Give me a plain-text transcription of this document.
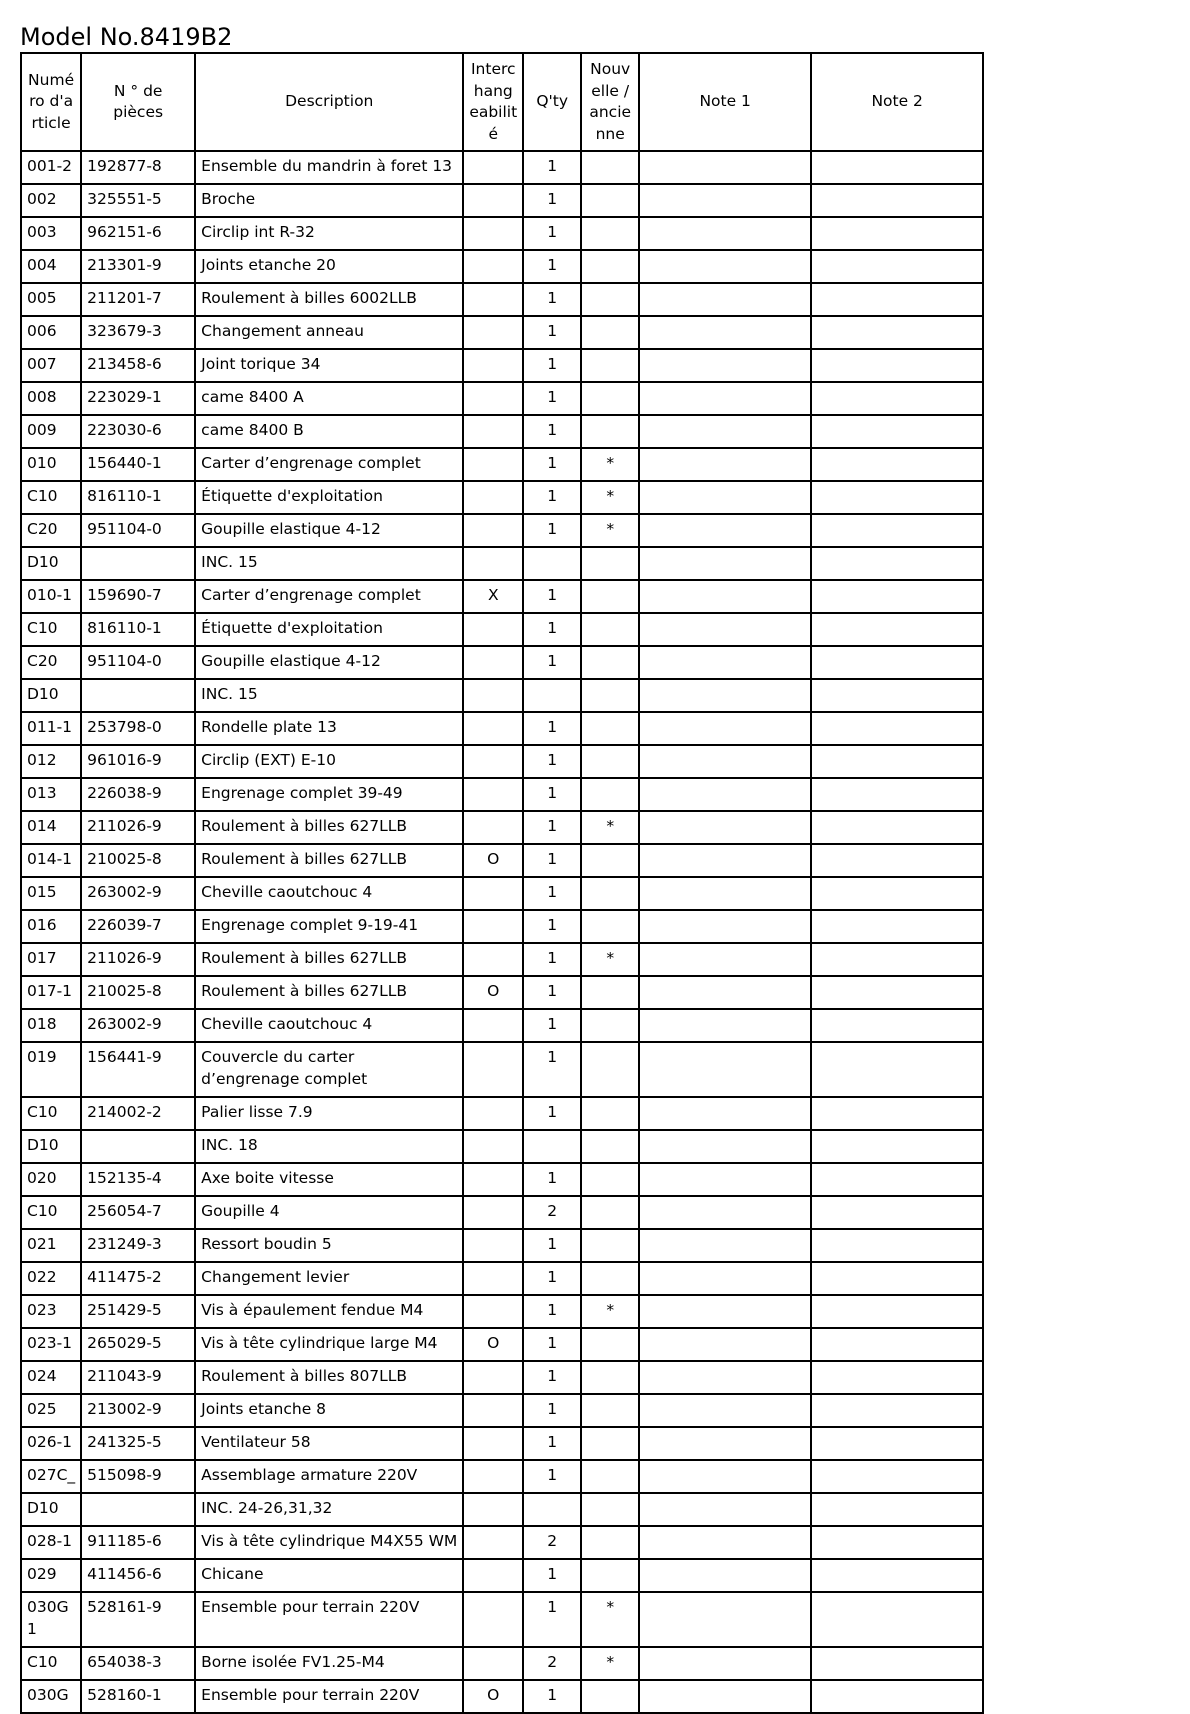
Model No.8419B2
Numé ro d'a rticle	N ° de pièces	Description	Interc hang eabilit é	Q'ty	Nouv elle / ancie nne	Note 1	Note 2
001-2	192877-8	Ensemble du mandrin à foret 13		1			
002	325551-5	Broche		1			
003	962151-6	Circlip int R-32		1			
004	213301-9	Joints etanche 20		1			
005	211201-7	Roulement à billes 6002LLB		1			
006	323679-3	Changement anneau		1			
007	213458-6	Joint torique 34		1			
008	223029-1	came 8400 A		1			
009	223030-6	came 8400 B		1			
010	156440-1	Carter d’engrenage complet		1	*		
C10	816110-1	Étiquette d'exploitation		1	*		
C20	951104-0	Goupille elastique 4-12		1	*		
D10		INC. 15					
010-1	159690-7	Carter d’engrenage complet	X	1			
C10	816110-1	Étiquette d'exploitation		1			
C20	951104-0	Goupille elastique 4-12		1			
D10		INC. 15					
011-1	253798-0	Rondelle plate 13		1			
012	961016-9	Circlip (EXT) E-10		1			
013	226038-9	Engrenage complet 39-49		1			
014	211026-9	Roulement à billes 627LLB		1	*		
014-1	210025-8	Roulement à billes 627LLB	O	1			
015	263002-9	Cheville caoutchouc 4		1			
016	226039-7	Engrenage complet 9-19-41		1			
017	211026-9	Roulement à billes 627LLB		1	*		
017-1	210025-8	Roulement à billes 627LLB	O	1			
018	263002-9	Cheville caoutchouc 4		1			
019	156441-9	Couvercle du carter d’engrenage complet		1			
C10	214002-2	Palier lisse 7.9		1			
D10		INC. 18					
020	152135-4	Axe boite vitesse		1			
C10	256054-7	Goupille 4		2			
021	231249-3	Ressort boudin 5		1			
022	411475-2	Changement levier		1			
023	251429-5	Vis à épaulement fendue M4		1	*		
023-1	265029-5	Vis à tête cylindrique large M4	O	1			
024	211043-9	Roulement à billes 807LLB		1			
025	213002-9	Joints etanche 8		1			
026-1	241325-5	Ventilateur 58		1			
027C_	515098-9	Assemblage armature 220V		1			
D10		INC. 24-26,31,32					
028-1	911185-6	Vis à tête cylindrique M4X55 WM		2			
029	411456-6	Chicane		1			
030G1	528161-9	Ensemble pour terrain 220V		1	*		
C10	654038-3	Borne isolée FV1.25-M4		2	*		
030G	528160-1	Ensemble pour terrain 220V	O	1			
